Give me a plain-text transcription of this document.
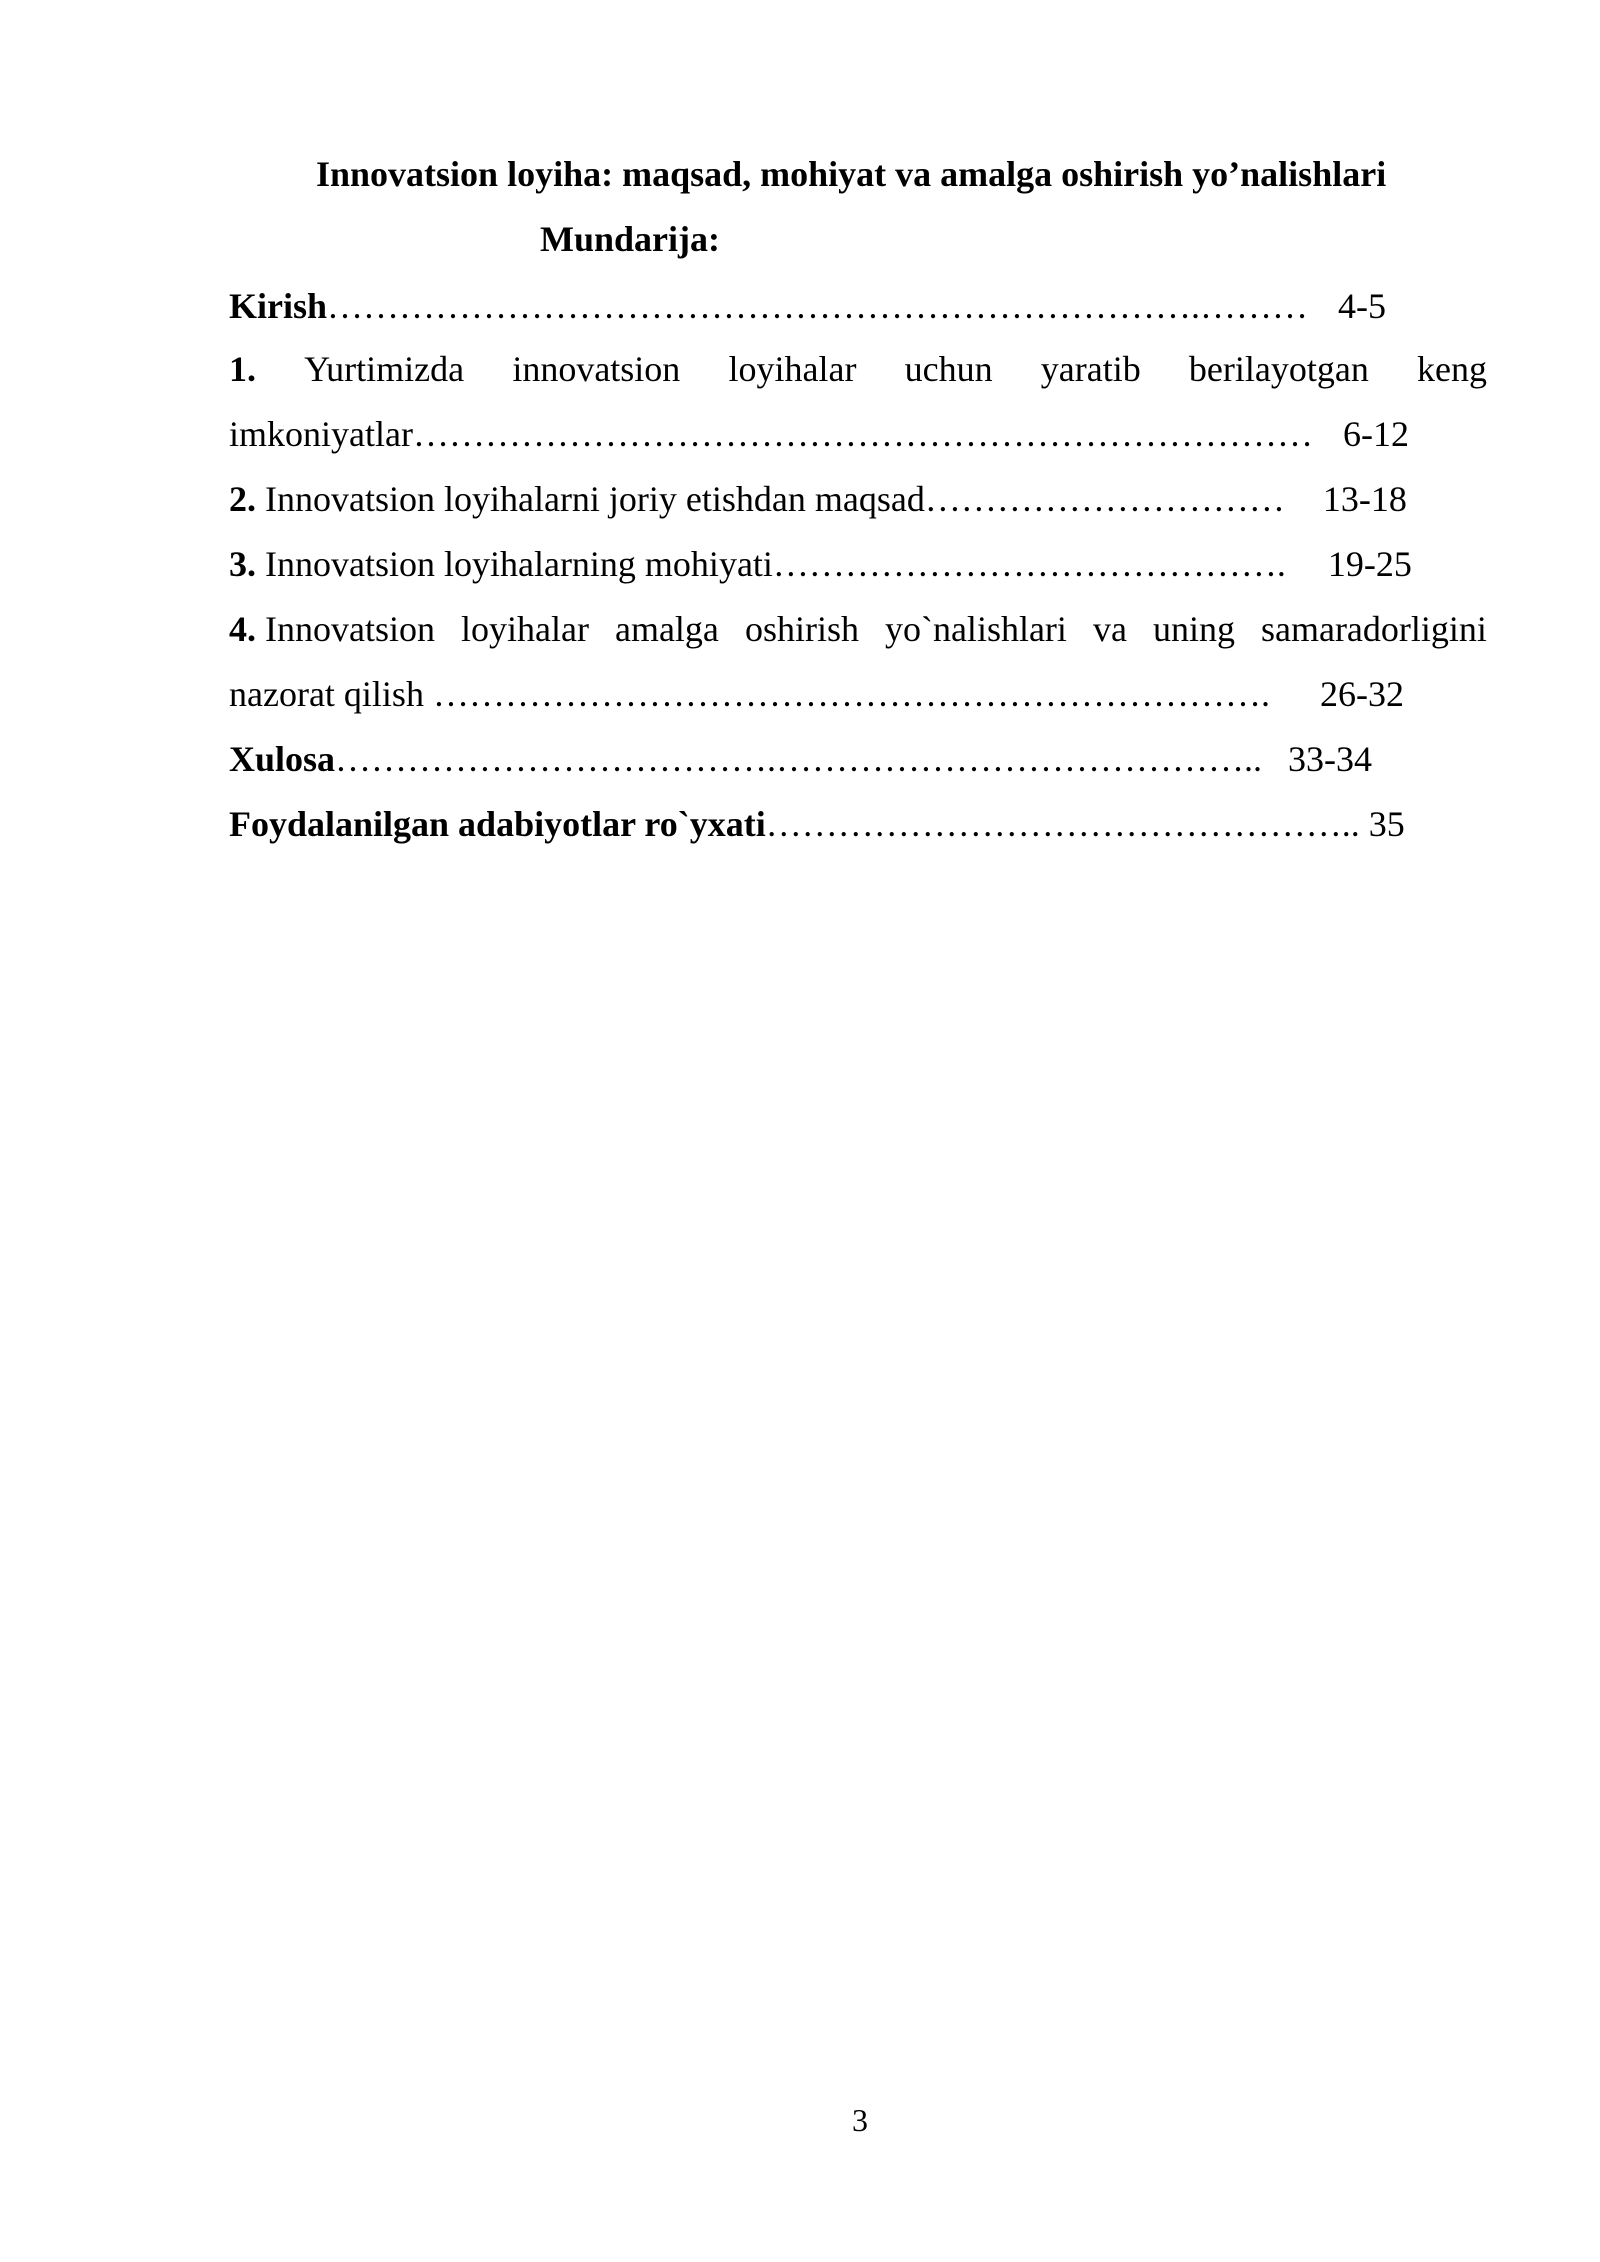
Innovatsion loyiha: maqsad, mohiyat va amalga oshirish yo’nalishlari
Mundarija:
Kirish……………………………………………………………….……… 4-5
1. Yurtimizda innovatsion loyihalar uchun yaratib berilayotgan keng
imkoniyatlar………………………………………………………………… 6-12
2. Innovatsion loyihalarni joriy etishdan maqsad………………………… 13-18
3. Innovatsion loyihalarning mohiyati……………………………………. 19-25
4. Innovatsion loyihalar amalga oshirish yo`nalishlari va uning samaradorligini
nazorat qilish ……………………………………………………………. 26-32
Xulosa……………………………….………………………………….. 33-34
Foydalanilgan adabiyotlar ro`yxati………………………………………….. 35
3
